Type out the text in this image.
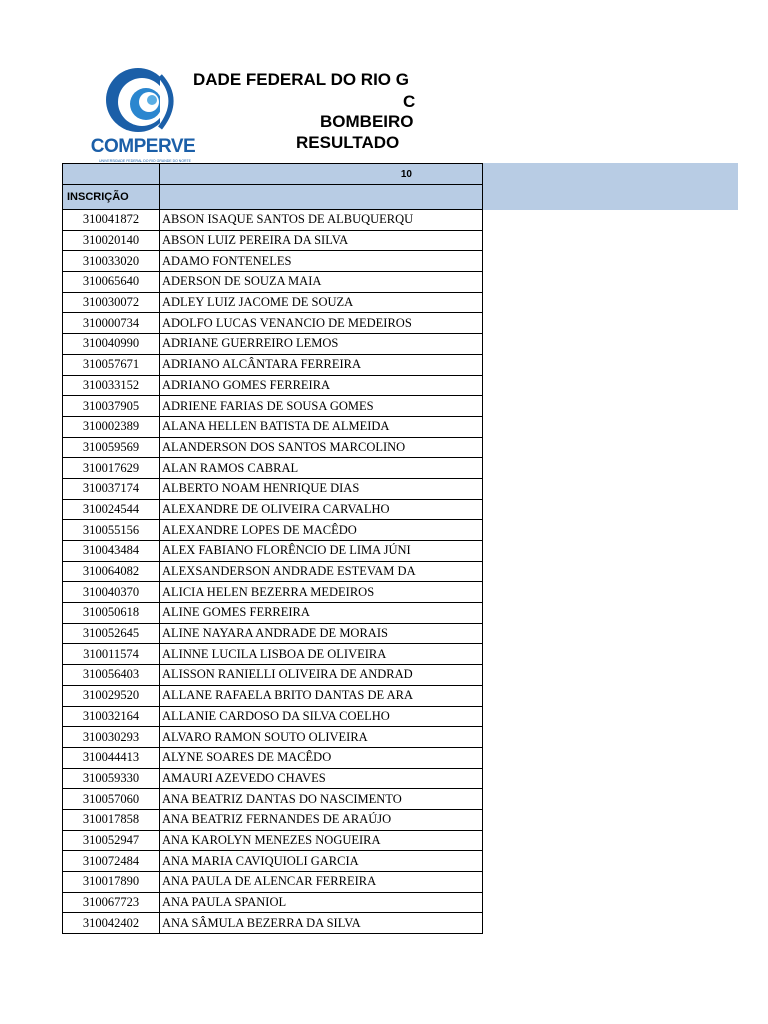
COMPERVE
UNIVERSIDADE FEDERAL DO RIO GRANDE DO NORTE
DADE FEDERAL DO RIO G
C
BOMBEIRO
RESULTADO
	10
INSCRIÇÃO	
310041872	ABSON ISAQUE SANTOS DE ALBUQUERQU
310020140	ABSON LUIZ PEREIRA DA SILVA
310033020	ADAMO FONTENELES
310065640	ADERSON DE SOUZA MAIA
310030072	ADLEY LUIZ JACOME DE SOUZA
310000734	ADOLFO LUCAS VENANCIO DE MEDEIROS
310040990	ADRIANE GUERREIRO LEMOS
310057671	ADRIANO ALCÂNTARA FERREIRA
310033152	ADRIANO GOMES FERREIRA
310037905	ADRIENE FARIAS DE SOUSA GOMES
310002389	ALANA HELLEN BATISTA DE ALMEIDA
310059569	ALANDERSON DOS SANTOS MARCOLINO
310017629	ALAN RAMOS CABRAL
310037174	ALBERTO NOAM HENRIQUE DIAS
310024544	ALEXANDRE DE OLIVEIRA CARVALHO
310055156	ALEXANDRE LOPES DE MACÊDO
310043484	ALEX FABIANO FLORÊNCIO DE LIMA JÚNI
310064082	ALEXSANDERSON ANDRADE ESTEVAM DA
310040370	ALICIA HELEN BEZERRA MEDEIROS
310050618	ALINE GOMES FERREIRA
310052645	ALINE NAYARA ANDRADE DE MORAIS
310011574	ALINNE LUCILA LISBOA DE OLIVEIRA
310056403	ALISSON RANIELLI OLIVEIRA DE ANDRAD
310029520	ALLANE RAFAELA BRITO DANTAS DE ARA
310032164	ALLANIE CARDOSO DA SILVA COELHO
310030293	ALVARO RAMON SOUTO OLIVEIRA
310044413	ALYNE SOARES DE MACÊDO
310059330	AMAURI AZEVEDO CHAVES
310057060	ANA BEATRIZ DANTAS DO NASCIMENTO
310017858	ANA BEATRIZ FERNANDES DE ARAÚJO
310052947	ANA KAROLYN MENEZES NOGUEIRA
310072484	ANA MARIA CAVIQUIOLI GARCIA
310017890	ANA PAULA DE ALENCAR FERREIRA
310067723	ANA PAULA SPANIOL
310042402	ANA SÂMULA BEZERRA DA SILVA
